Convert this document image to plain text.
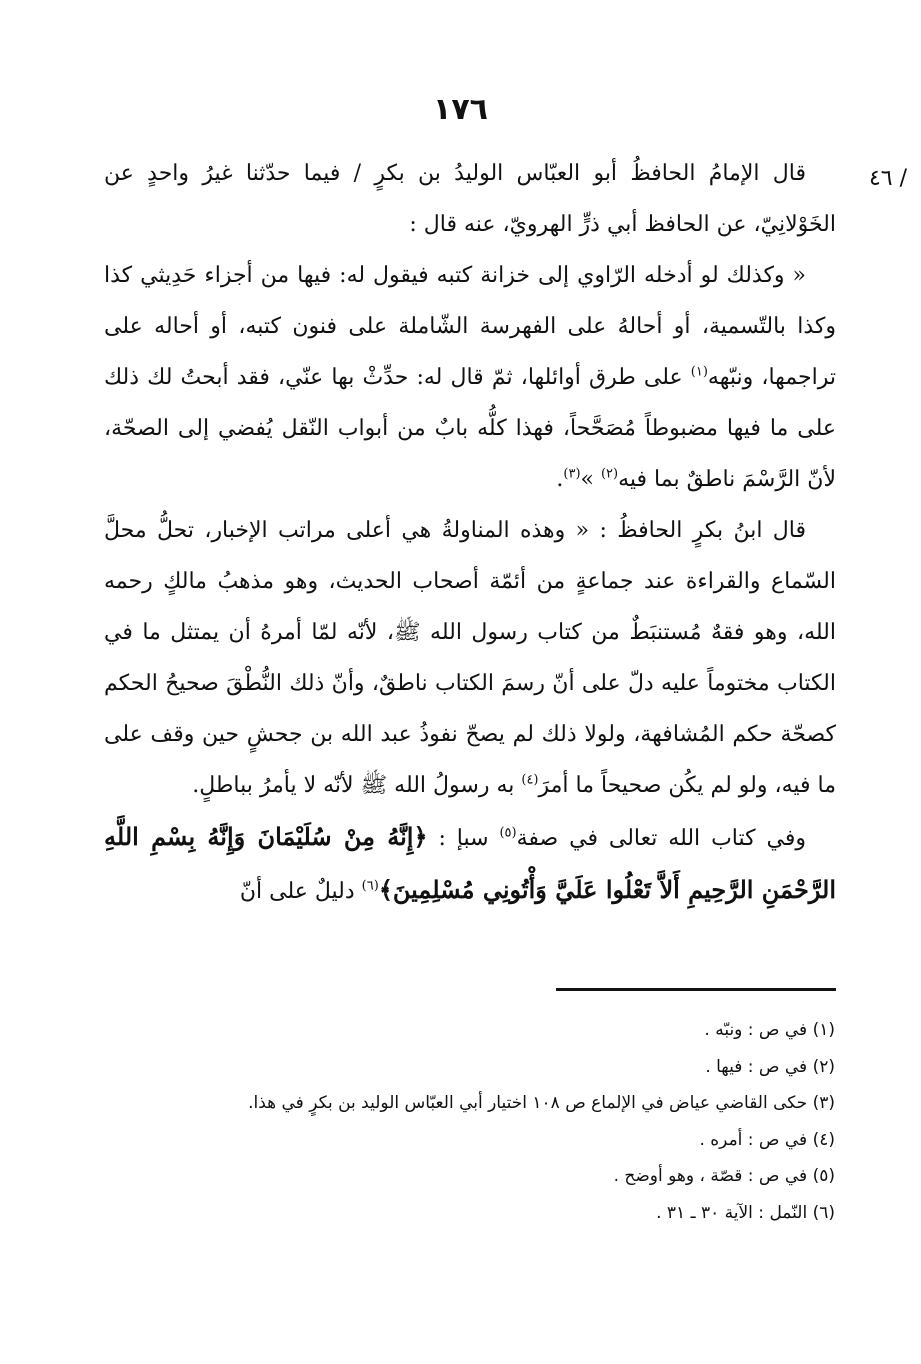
١٧٦
/ ٤٦

قال الإمامُ الحافظُ أبو العبّاس الوليدُ بن بكرٍ / فيما حدّثنا غيرُ واحدٍ عن الخَوْلانِيّ، عن الحافظ أبي ذرٍّ الهرويّ، عنه قال :

« وكذلك لو أدخله الرّاوي إلى خزانة كتبه فيقول له: فيها من أجزاء حَدِيثي كذا وكذا بالتّسمية، أو أحالهُ على الفهرسة الشّاملة على فنون كتبه، أو أحاله على تراجمها، ونبّهه$^{(١)}$ على طرق أوائلها، ثمّ قال له: حدِّثْ بها عنّي، فقد أبحتُ لك ذلك على ما فيها مضبوطاً مُصَحَّحاً، فهذا كلُّه بابٌ من أبواب النّقل يُفضي إلى الصحّة، لأنّ الرَّسْمَ ناطقٌ بما فيه$^{(٢)}$ »$^{(٣)}$.

قال ابنُ بكرٍ الحافظُ : « وهذه المناولةُ هي أعلى مراتب الإخبار، تحلُّ محلَّ السّماع والقراءة عند جماعةٍ من أئمّة أصحاب الحديث، وهو مذهبُ مالكٍ رحمه الله، وهو فقهٌ مُستنبَطٌ من كتاب رسول الله ﷺ، لأنّه لمّا أمرهُ أن يمتثل ما في الكتاب مختوماً عليه دلّ على أنّ رسمَ الكتاب ناطقٌ، وأنّ ذلك النُّطْقَ صحيحُ الحكم كصحّة حكم المُشافهة، ولولا ذلك لم يصحّ نفوذُ عبد الله بن جحشٍ حين وقف على ما فيه، ولو لم يكُن صحيحاً ما أمرَ$^{(٤)}$ به رسولُ الله ﷺ لأنّه لا يأمرُ بباطلٍ.

وفي كتاب الله تعالى في صفة$^{(٥)}$ سبإ : ﴿إِنَّهُ مِنْ سُلَيْمَانَ وَإِنَّهُ بِسْمِ اللَّهِ الرَّحْمَنِ الرَّحِيمِ أَلاَّ تَعْلُوا عَلَيَّ وَأْتُونِي مُسْلِمِينَ﴾$^{(٦)}$ دليلٌ على أنّ

(١) في ص : ونبّه .
(٢) في ص : فيها .
(٣) حكى القاضي عياض في الإلماع ص ١٠٨ اختيار أبي العبّاس الوليد بن بكرٍ في هذا.
(٤) في ص : أمره .
(٥) في ص : قصّة ، وهو أوضح .
(٦) النّمل : الآية ٣٠ ـ ٣١ .
